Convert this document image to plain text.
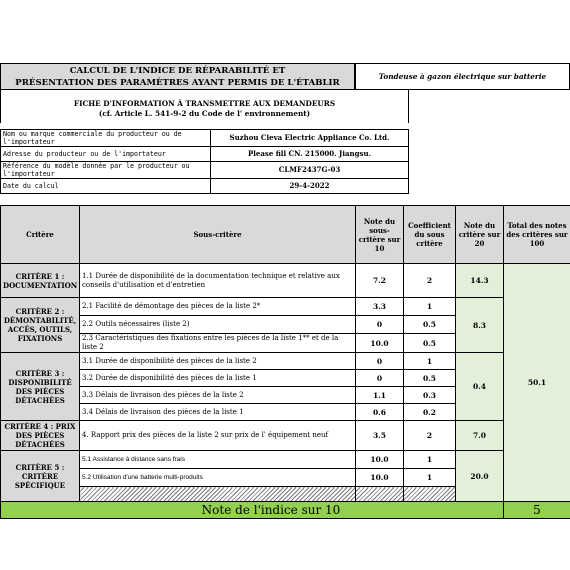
CALCUL DE L'INDICE DE RÉPARABILITÉ ET
PRÉSENTATION DES PARAMÈTRES AYANT PERMIS DE L'ÉTABLIR
Tondeuse à gazon électrique sur batterie
FICHE D'INFORMATION À TRANSMETTRE AUX DEMANDEURS
(cf. Article L. 541-9-2 du Code de l' environnement)
Nom ou marque commerciale du producteur ou de l'importateur	Suzhou Cleva Electric Appliance Co. Ltd.
Adresse du producteur ou de l'importateur	Please fill CN. 215000. Jiangsu.
Référence du modèle donnée par le producteur ou l'importateur	CLMF2437G-03
Date du calcul	29-4-2022
Critère	Sous-critère	Note du sous-critère sur 10	Coefficient du sous critère	Note du critère sur 20	Total des notes des critères sur 100
CRITÈRE 1 : DOCUMENTATION	1.1 Durée de disponibilité de la documentation technique et relative aux conseils d'utilisation et d'entretien	7.2	2	14.3	50.1
CRITÈRE 2 : DÉMONTABILITÉ, ACCÈS, OUTILS, FIXATIONS	2.1 Facilité de démontage des pièces de la liste 2*	3.3	1	8.3	
	2.2 Outils nécessaires (liste 2)	0	0.5		
	2.3 Caractéristiques des fixations entre les pièces de la liste 1** et de la liste 2	10.0	0.5		
CRITÈRE 3 : DISPONIBILITÉ DES PIÈCES DÉTACHÉES	3.1 Durée de disponibilité des pièces de la liste 2	0	1	0.4	
	3.2 Durée de disponibilité des pièces de la liste 1	0	0.5		
	3.3 Délais de livraison des pièces de la liste 2	1.1	0.3		
	3.4 Délais de livraison des pièces de la liste 1	0.6	0.2		
CRITÈRE 4 : PRIX DES PIÈCES DÉTACHÉES	4. Rapport prix des pièces de la liste 2 sur prix de l' équipement neuf	3.5	2	7.0	
CRITÈRE 5 : CRITÈRE SPÉCIFIQUE	5.1 Assistance à distance sans frais	10.0	1	20.0	
	5.2 Utilisation d'une batterie multi-produits	10.0	1		

Note de l'indice sur 10					5
